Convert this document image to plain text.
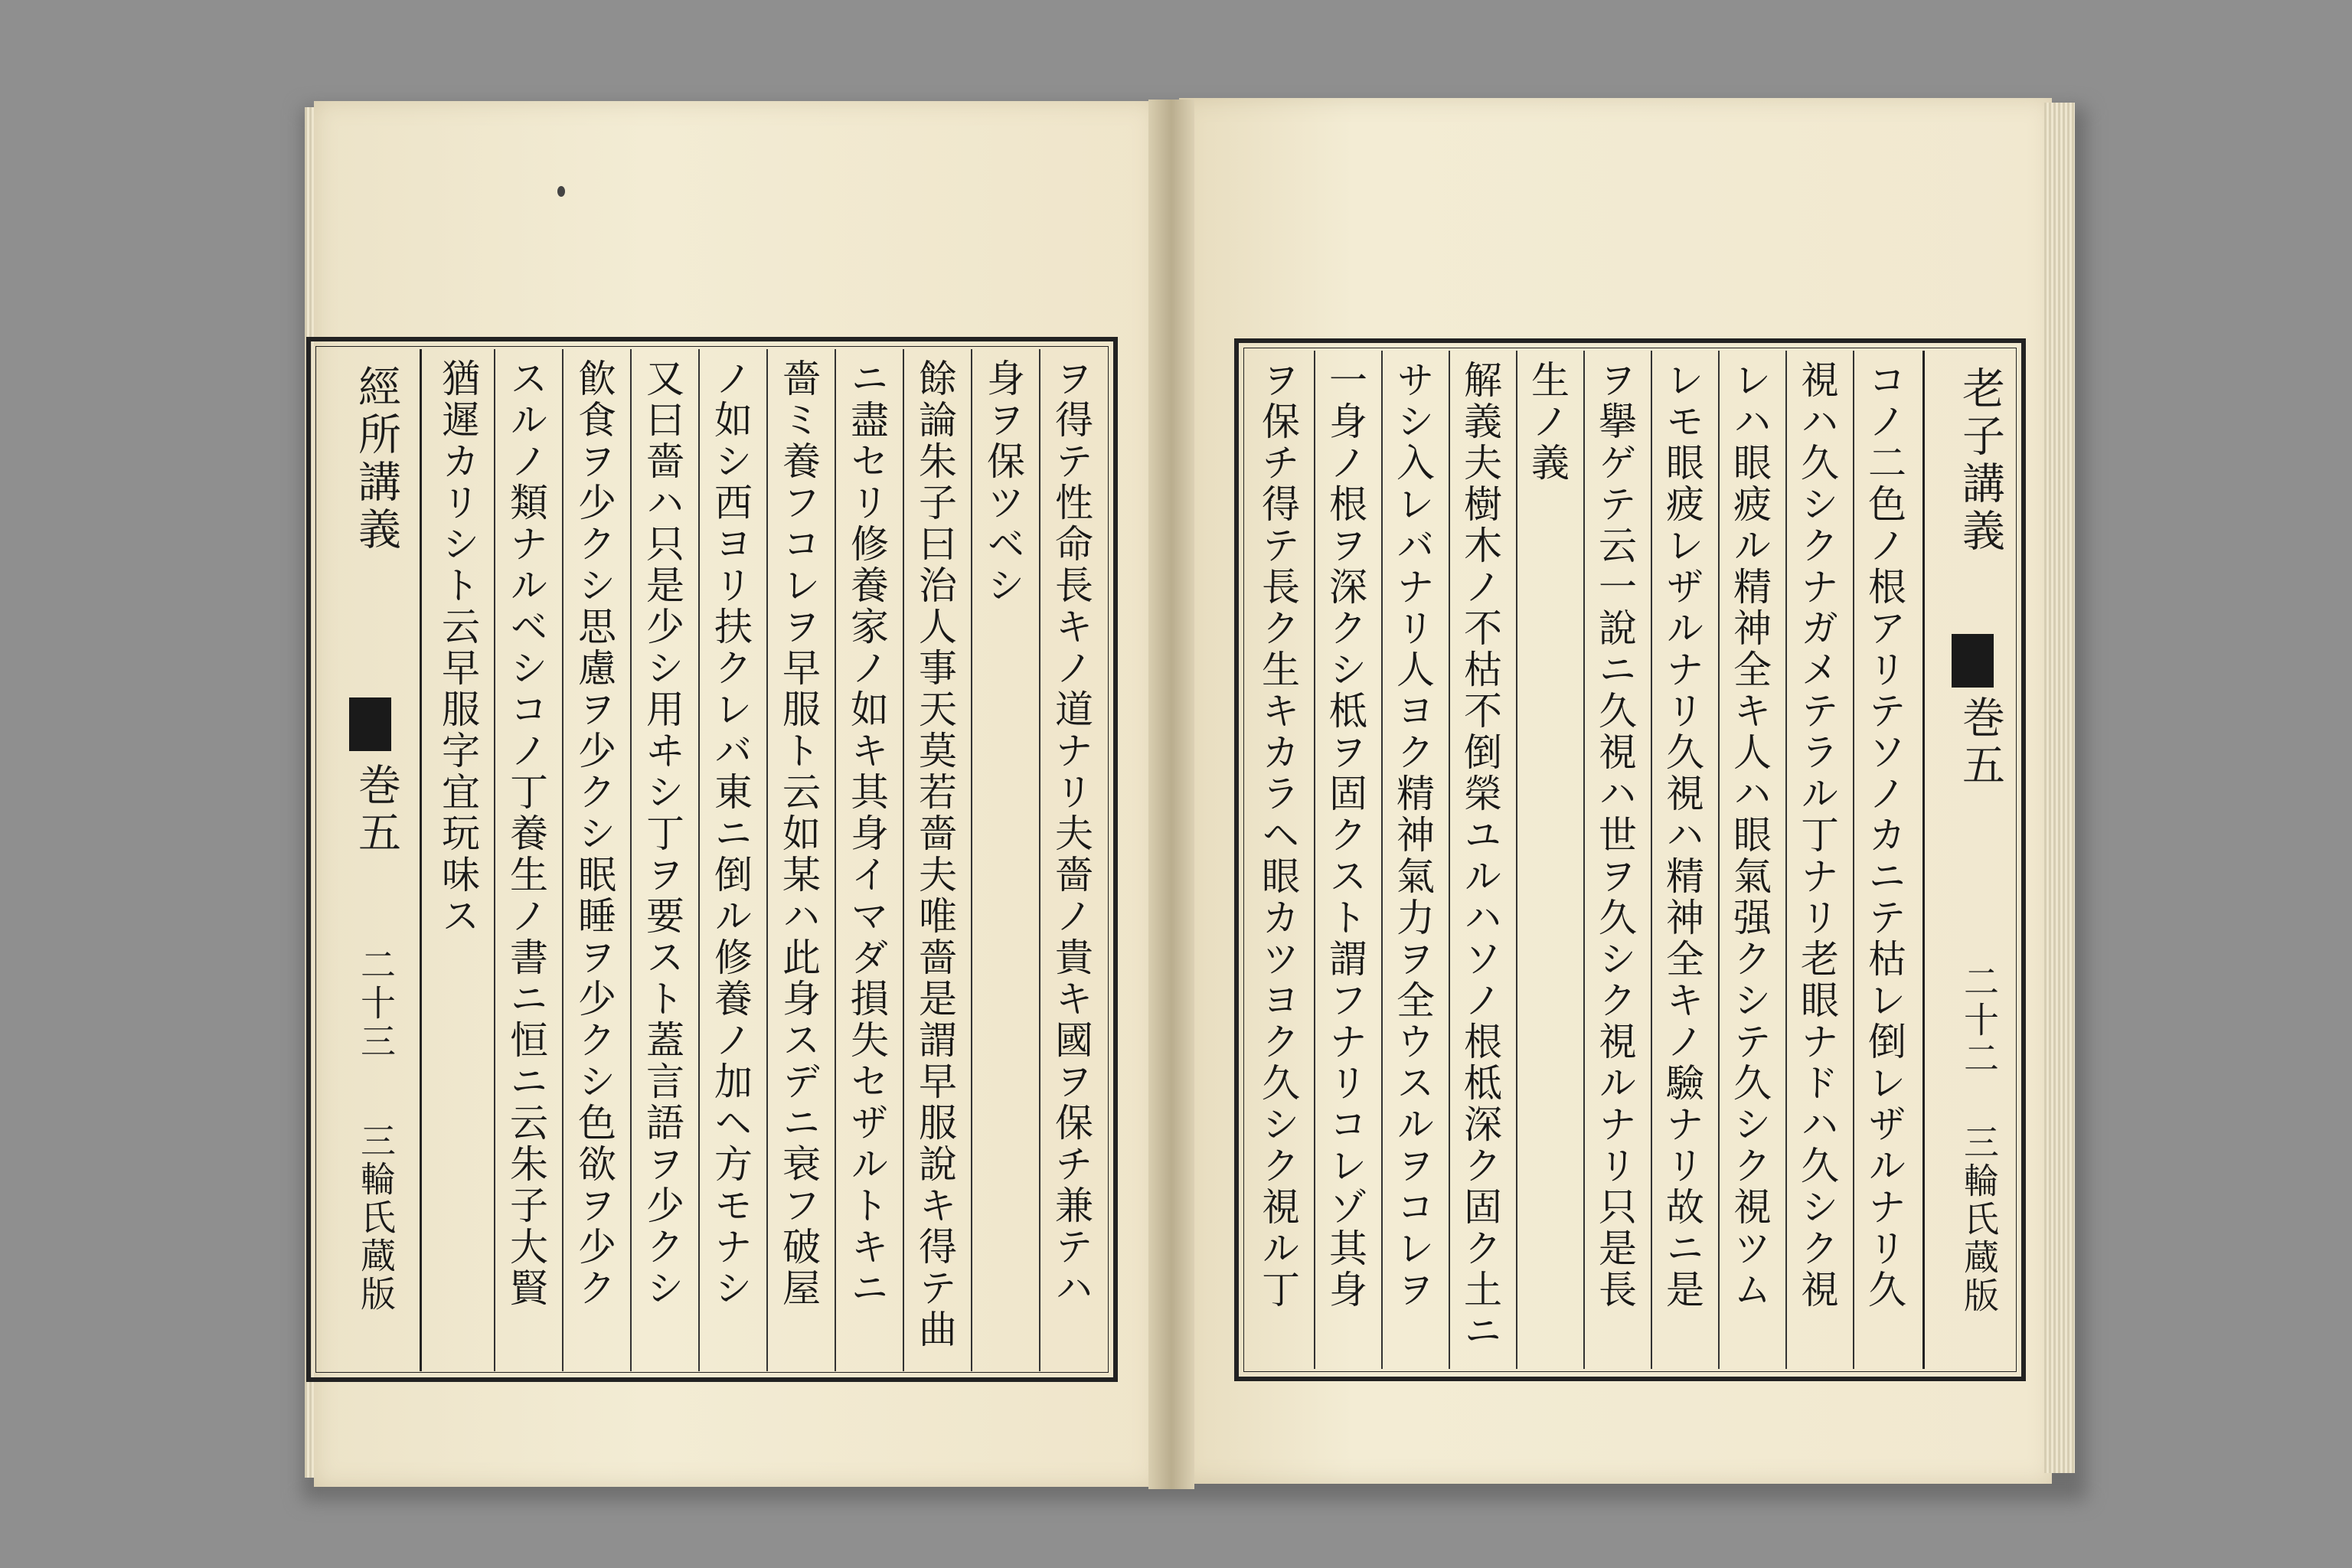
ヲ得テ性命長キノ道ナリ夫嗇ノ貴キ國ヲ保チ兼テハ
身ヲ保ツベシ
餘論朱子曰治人事天莫若嗇夫唯嗇是謂早服說キ得テ曲
ニ盡セリ修養家ノ如キ其身イマダ損失セザルトキニ
嗇ミ養フコレヲ早服ト云如某ハ此身スデニ衰フ破屋
ノ如シ西ヨリ扶クレバ東ニ倒ル修養ノ加ヘ方モナシ
又曰嗇ハ只是少シ用ヰシ丁ヲ要スト蓋言語ヲ少クシ
飮食ヲ少クシ思慮ヲ少クシ眠睡ヲ少クシ色欲ヲ少ク
スルノ類ナルベシコノ丁養生ノ書ニ恒ニ云朱子大賢
猶遲カリシト云早服字宜玩味ス
經所講義
巻五
二十三
三輪氏蔵版	コノ二色ノ根アリテソノカニテ枯レ倒レザルナリ久
視ハ久シクナガメテラル丁ナリ老眼ナドハ久シク視
レハ眼疲ル精神全キ人ハ眼氣强クシテ久シク視ツム
レモ眼疲レザルナリ久視ハ精神全キノ驗ナリ故ニ是
ヲ擧ゲテ云一說ニ久視ハ世ヲ久シク視ルナリ只是長
生ノ義
解義夫樹木ノ不枯不倒榮ユルハソノ根柢深ク固ク土ニ
サシ入レバナリ人ヨク精神氣力ヲ全ウスルヲコレヲ
一身ノ根ヲ深クシ柢ヲ固クスト謂フナリコレゾ其身
ヲ保チ得テ長ク生キカラヘ眼カツヨク久シク視ル丁	老子講義
巻五
二十二
三輪氏蔵版
